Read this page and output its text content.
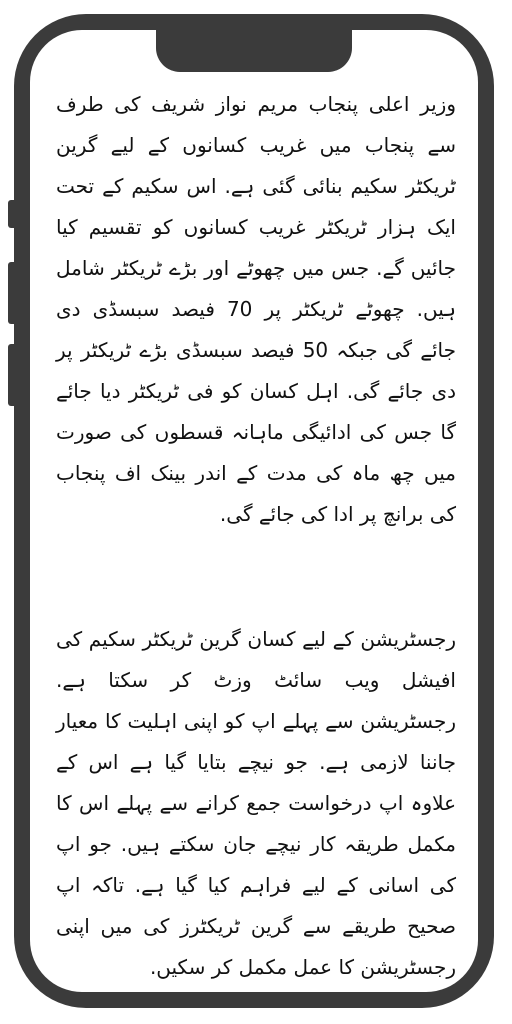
وزیر اعلی پنجاب مریم نواز شریف کی طرف سے پنجاب میں غریب کسانوں کے لیے گرین ٹریکٹر سکیم بنائی گئی ہے. اس سکیم کے تحت ایک ہزار ٹریکٹر غریب کسانوں کو تقسیم کیا جائیں گے. جس میں چھوٹے اور بڑے ٹریکٹر شامل ہیں. چھوٹے ٹریکٹر پر 70 فیصد سبسڈی دی جائے گی جبکہ 50 فیصد سبسڈی بڑے ٹریکٹر پر دی جائے گی. اہل کسان کو فی ٹریکٹر دیا جائے گا جس کی ادائیگی ماہانہ قسطوں کی صورت میں چھ ماہ کی مدت کے اندر بینک اف پنجاب کی برانچ پر ادا کی جائے گی.

رجسٹریشن کے لیے کسان گرین ٹریکٹر سکیم کی افیشل ویب سائٹ وزٹ کر سکتا ہے. رجسٹریشن سے پہلے اپ کو اپنی اہلیت کا معیار جاننا لازمی ہے. جو نیچے بتایا گیا ہے اس کے علاوہ اپ درخواست جمع کرانے سے پہلے اس کا مکمل طریقہ کار نیچے جان سکتے ہیں. جو اپ کی اسانی کے لیے فراہم کیا گیا ہے. تاکہ اپ صحیح طریقے سے گرین ٹریکٹرز کی میں اپنی رجسٹریشن کا عمل مکمل کر سکیں.
